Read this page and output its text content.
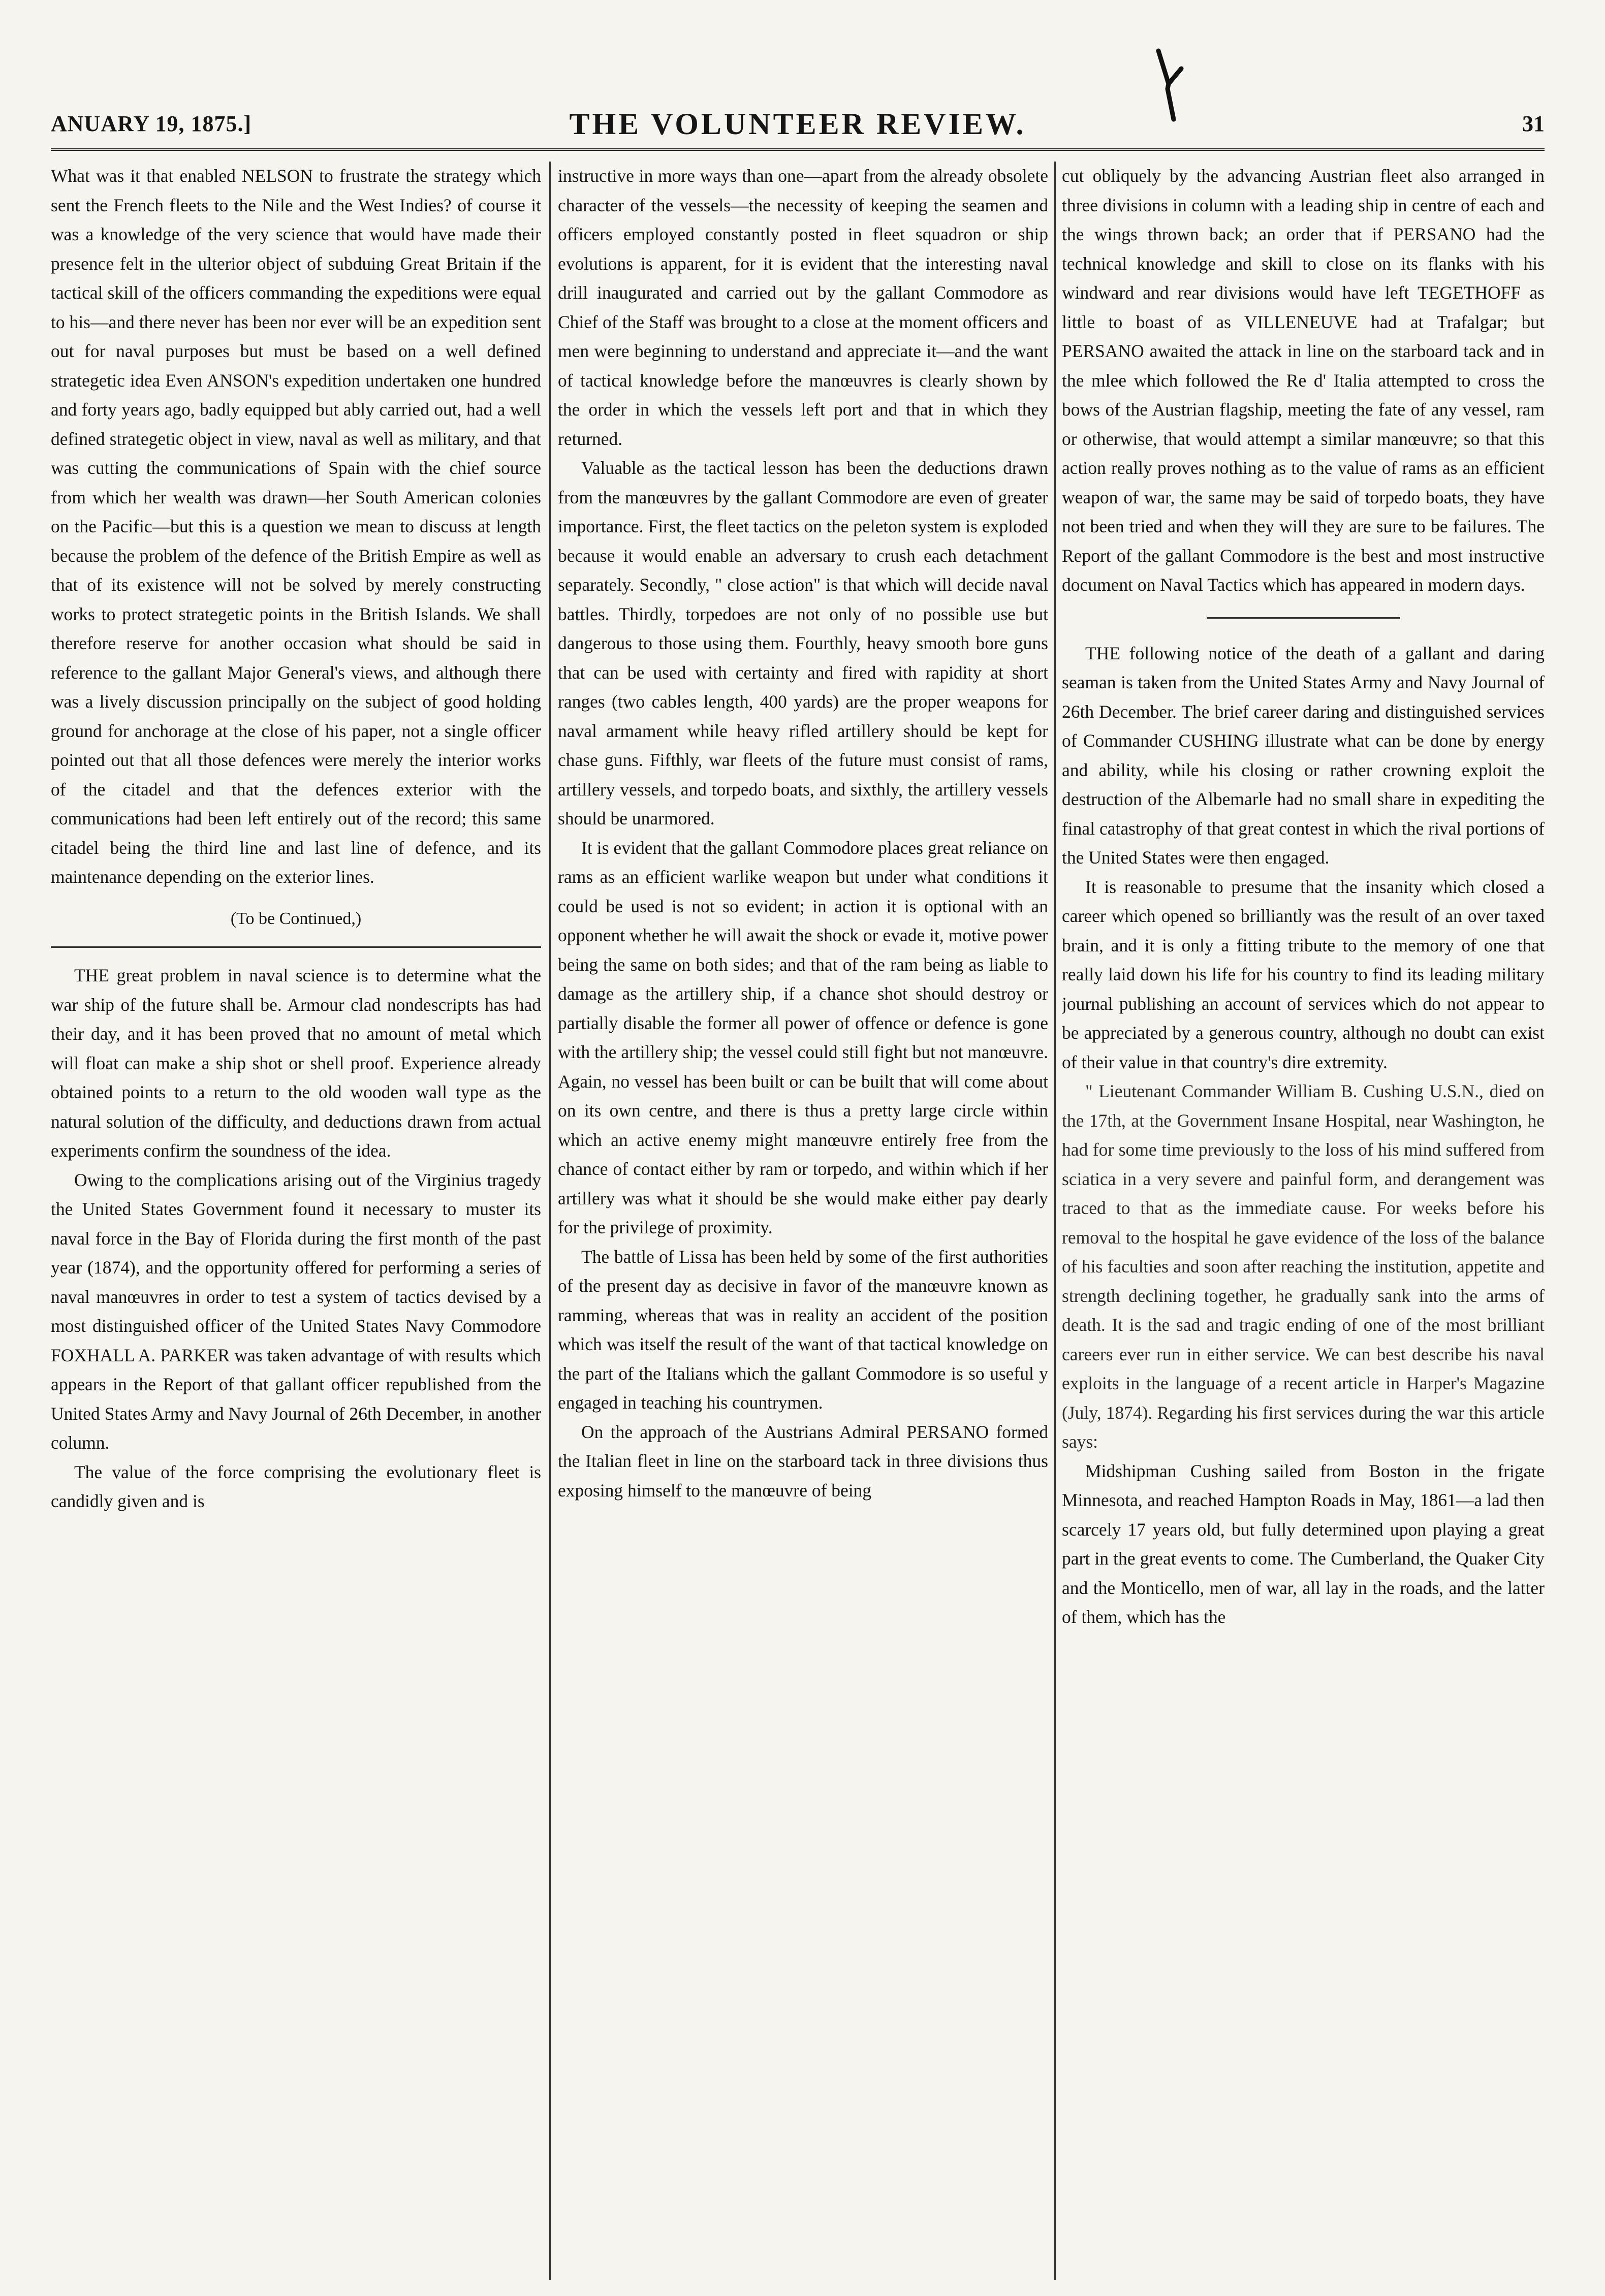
ANUARY 19, 1875.]	THE VOLUNTEER REVIEW.	31

What was it that enabled NELSON to frustrate the strategy which sent the French fleets to the Nile and the West Indies? of course it was a knowledge of the very science that would have made their presence felt in the ulterior object of subduing Great Britain if the tactical skill of the officers commanding the expeditions were equal to his—and there never has been nor ever will be an expedition sent out for naval purposes but must be based on a well defined strategetic idea Even ANSON's expedition undertaken one hundred and forty years ago, badly equipped but ably carried out, had a well defined strategetic object in view, naval as well as military, and that was cutting the communications of Spain with the chief source from which her wealth was drawn—her South American colonies on the Pacific—but this is a question we mean to discuss at length because the problem of the defence of the British Empire as well as that of its existence will not be solved by merely constructing works to protect strategetic points in the British Islands. We shall therefore reserve for another occasion what should be said in reference to the gallant Major General's views, and although there was a lively discussion principally on the subject of good holding ground for anchorage at the close of his paper, not a single officer pointed out that all those defences were merely the interior works of the citadel and that the defences exterior with the communications had been left entirely out of the record; this same citadel being the third line and last line of defence, and its maintenance depending on the exterior lines.

(To be Continued,)

THE great problem in naval science is to determine what the war ship of the future shall be. Armour clad nondescripts has had their day, and it has been proved that no amount of metal which will float can make a ship shot or shell proof. Experience already obtained points to a return to the old wooden wall type as the natural solution of the difficulty, and deductions drawn from actual experiments confirm the soundness of the idea.

Owing to the complications arising out of the Virginius tragedy the United States Government found it necessary to muster its naval force in the Bay of Florida during the first month of the past year (1874), and the opportunity offered for performing a series of naval manœuvres in order to test a system of tactics devised by a most distinguished officer of the United States Navy Commodore FOXHALL A. PARKER was taken advantage of with results which appears in the Report of that gallant officer republished from the United States Army and Navy Journal of 26th December, in another column.

The value of the force comprising the evolutionary fleet is candidly given and is

instructive in more ways than one—apart from the already obsolete character of the vessels—the necessity of keeping the seamen and officers employed constantly posted in fleet squadron or ship evolutions is apparent, for it is evident that the interesting naval drill inaugurated and carried out by the gallant Commodore as Chief of the Staff was brought to a close at the moment officers and men were beginning to understand and appreciate it—and the want of tactical knowledge before the manœuvres is clearly shown by the order in which the vessels left port and that in which they returned.

Valuable as the tactical lesson has been the deductions drawn from the manœuvres by the gallant Commodore are even of greater importance. First, the fleet tactics on the peleton system is exploded because it would enable an adversary to crush each detachment separately. Secondly, " close action" is that which will decide naval battles. Thirdly, torpedoes are not only of no possible use but dangerous to those using them. Fourthly, heavy smooth bore guns that can be used with certainty and fired with rapidity at short ranges (two cables length, 400 yards) are the proper weapons for naval armament while heavy rifled artillery should be kept for chase guns. Fifthly, war fleets of the future must consist of rams, artillery vessels, and torpedo boats, and sixthly, the artillery vessels should be unarmored.

It is evident that the gallant Commodore places great reliance on rams as an efficient warlike weapon but under what conditions it could be used is not so evident; in action it is optional with an opponent whether he will await the shock or evade it, motive power being the same on both sides; and that of the ram being as liable to damage as the artillery ship, if a chance shot should destroy or partially disable the former all power of offence or defence is gone with the artillery ship; the vessel could still fight but not manœuvre. Again, no vessel has been built or can be built that will come about on its own centre, and there is thus a pretty large circle within which an active enemy might manœuvre entirely free from the chance of contact either by ram or torpedo, and within which if her artillery was what it should be she would make either pay dearly for the privilege of proximity.

The battle of Lissa has been held by some of the first authorities of the present day as decisive in favor of the manœuvre known as ramming, whereas that was in reality an accident of the position which was itself the result of the want of that tactical knowledge on the part of the Italians which the gallant Commodore is so useful y engaged in teaching his countrymen.

On the approach of the Austrians Admiral PERSANO formed the Italian fleet in line on the starboard tack in three divisions thus exposing himself to the manœuvre of being

cut obliquely by the advancing Austrian fleet also arranged in three divisions in column with a leading ship in centre of each and the wings thrown back; an order that if PERSANO had the technical knowledge and skill to close on its flanks with his windward and rear divisions would have left TEGETHOFF as little to boast of as VILLENEUVE had at Trafalgar; but PERSANO awaited the attack in line on the starboard tack and in the mlee which followed the Re d' Italia attempted to cross the bows of the Austrian flagship, meeting the fate of any vessel, ram or otherwise, that would attempt a similar manœuvre; so that this action really proves nothing as to the value of rams as an efficient weapon of war, the same may be said of torpedo boats, they have not been tried and when they will they are sure to be failures. The Report of the gallant Commodore is the best and most instructive document on Naval Tactics which has appeared in modern days.

THE following notice of the death of a gallant and daring seaman is taken from the United States Army and Navy Journal of 26th December. The brief career daring and distinguished services of Commander CUSHING illustrate what can be done by energy and ability, while his closing or rather crowning exploit the destruction of the Albemarle had no small share in expediting the final catastrophy of that great contest in which the rival portions of the United States were then engaged.

It is reasonable to presume that the insanity which closed a career which opened so brilliantly was the result of an over taxed brain, and it is only a fitting tribute to the memory of one that really laid down his life for his country to find its leading military journal publishing an account of services which do not appear to be appreciated by a generous country, although no doubt can exist of their value in that country's dire extremity.

" Lieutenant Commander William B. Cushing U.S.N., died on the 17th, at the Government Insane Hospital, near Washington, he had for some time previously to the loss of his mind suffered from sciatica in a very severe and painful form, and derangement was traced to that as the immediate cause. For weeks before his removal to the hospital he gave evidence of the loss of the balance of his faculties and soon after reaching the institution, appetite and strength declining together, he gradually sank into the arms of death. It is the sad and tragic ending of one of the most brilliant careers ever run in either service. We can best describe his naval exploits in the language of a recent article in Harper's Magazine (July, 1874). Regarding his first services during the war this article says:

Midshipman Cushing sailed from Boston in the frigate Minnesota, and reached Hampton Roads in May, 1861—a lad then scarcely 17 years old, but fully determined upon playing a great part in the great events to come. The Cumberland, the Quaker City and the Monticello, men of war, all lay in the roads, and the latter of them, which has the
